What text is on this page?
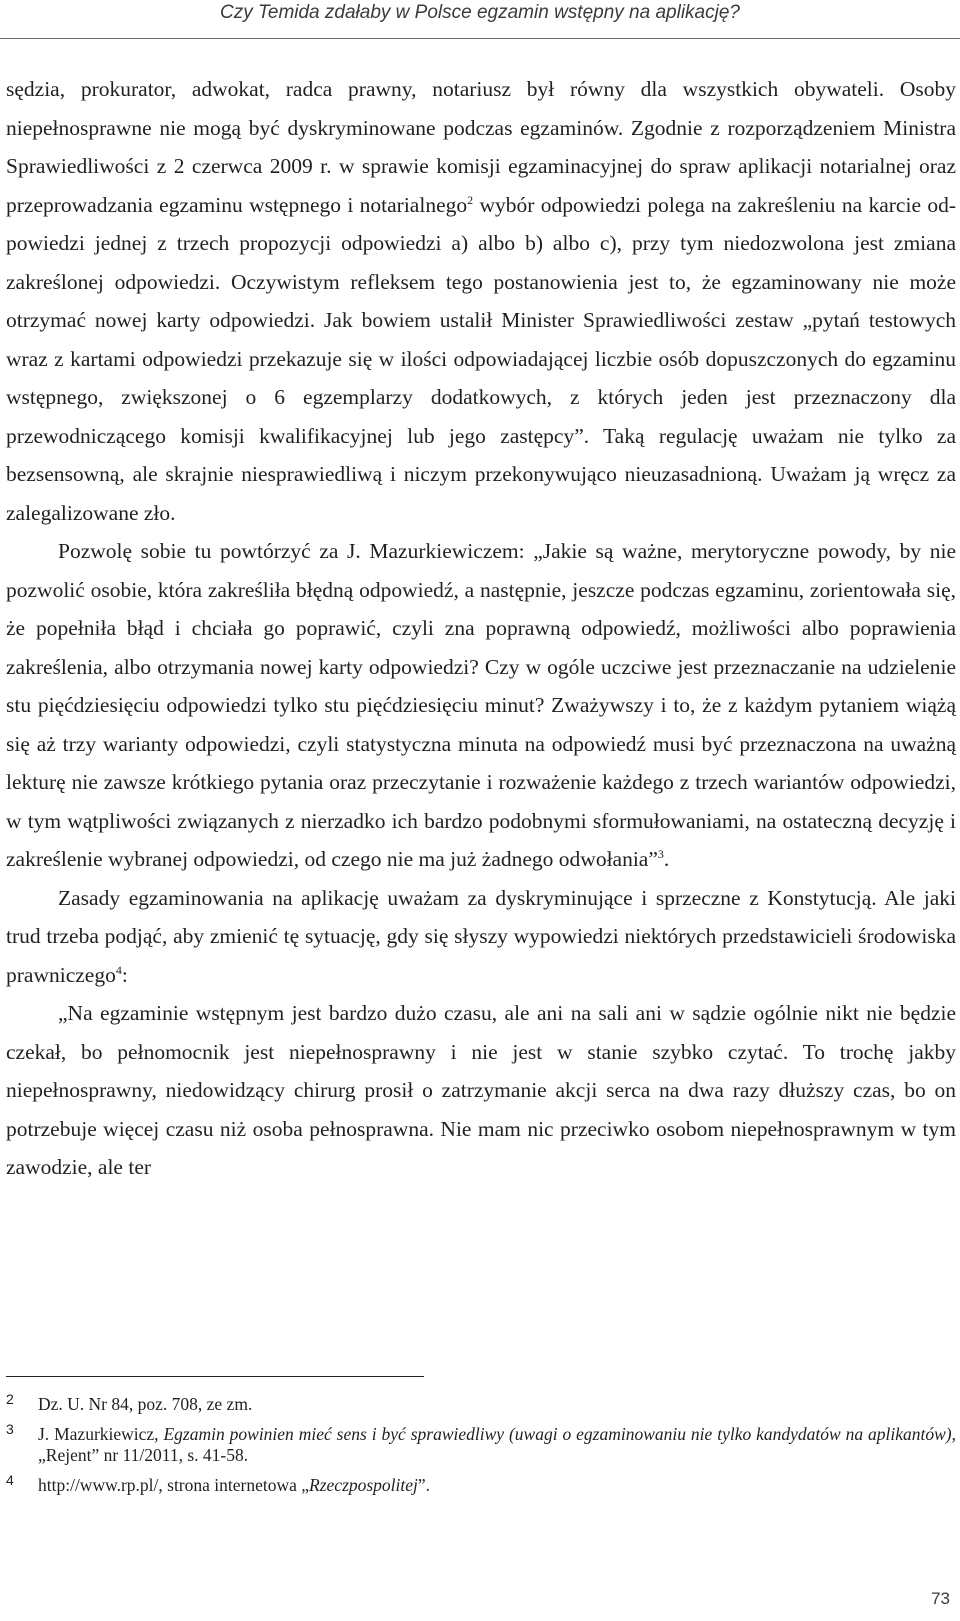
Czy Temida zdałaby w Polsce egzamin wstępny na aplikację?

sędzia, prokurator, adwokat, radca prawny, notariusz był równy dla wszystkich obywateli. Osoby niepełnosprawne nie mogą być dyskryminowane podczas egzaminów. Zgodnie z rozporządzeniem Ministra Sprawiedliwości z 2 czerwca 2009 r. w sprawie komisji egzaminacyjnej do spraw aplikacji notarialnej oraz przeprowadzania egzaminu wstępnego i notarialnego$^2$ wybór odpowiedzi polega na zakreśleniu na karcie odpowiedzi jednej z trzech propozycji odpowiedzi a) albo b) albo c), przy tym niedozwolona jest zmiana zakreślonej odpowiedzi. Oczywistym refleksem tego postanowienia jest to, że egzaminowany nie może otrzymać nowej karty odpowiedzi. Jak bowiem ustalił Minister Sprawiedliwości zestaw „pytań testowych wraz z kartami odpowiedzi przekazuje się w ilości odpowiadającej liczbie osób dopuszczonych do egzaminu wstępnego, zwiększonej o 6 egzemplarzy dodatkowych, z których jeden jest przeznaczony dla przewodniczącego komisji kwalifikacyjnej lub jego zastępcy”. Taką regulację uważam nie tylko za bezsensowną, ale skrajnie niesprawiedliwą i niczym przekonywująco nieuzasadnioną. Uważam ją wręcz za zalegalizowane zło.

Pozwolę sobie tu powtórzyć za J. Mazurkiewiczem: „Jakie są ważne, merytoryczne powody, by nie pozwolić osobie, która zakreśliła błędną odpowiedź, a następnie, jeszcze podczas egzaminu, zorientowała się, że popełniła błąd i chciała go poprawić, czyli zna poprawną odpowiedź, możliwości albo poprawienia zakreślenia, albo otrzymania nowej karty odpowiedzi? Czy w ogóle uczciwe jest przeznaczanie na udzielenie stu pięćdziesięciu odpowiedzi tylko stu pięćdziesięciu minut? Zważywszy i to, że z każdym pytaniem wiążą się aż trzy warianty odpowiedzi, czyli statystyczna minuta na odpowiedź musi być przeznaczona na uważną lekturę nie zawsze krótkiego pytania oraz przeczytanie i rozważenie każdego z trzech wariantów odpowiedzi, w tym wątpliwości związanych z nierzadko ich bardzo podobnymi sformułowaniami, na ostateczną decyzję i zakreślenie wybranej odpowiedzi, od czego nie ma już żadnego odwołania”$^3$.

Zasady egzaminowania na aplikację uważam za dyskryminujące i sprzeczne z Konstytucją. Ale jaki trud trzeba podjąć, aby zmienić tę sytuację, gdy się słyszy wypowiedzi niektórych przedstawicieli środowiska prawniczego$^4$:

„Na egzaminie wstępnym jest bardzo dużo czasu, ale ani na sali ani w sądzie ogólnie nikt nie będzie czekał, bo pełnomocnik jest niepełnosprawny i nie jest w stanie szybko czytać. To trochę jakby niepełnosprawny, niedowidzący chirurg prosił o zatrzymanie akcji serca na dwa razy dłuższy czas, bo on potrzebuje więcej czasu niż osoba pełnosprawna. Nie mam nic przeciwko osobom niepełnosprawnym w tym zawodzie, ale ter

2 Dz. U. Nr 84, poz. 708, ze zm.
3 J. Mazurkiewicz, Egzamin powinien mieć sens i być sprawiedliwy (uwagi o egzaminowaniu nie tylko kandydatów na aplikantów), „Rejent” nr 11/2011, s. 41-58.
4 http://www.rp.pl/, strona internetowa „Rzeczpospolitej”.
73
